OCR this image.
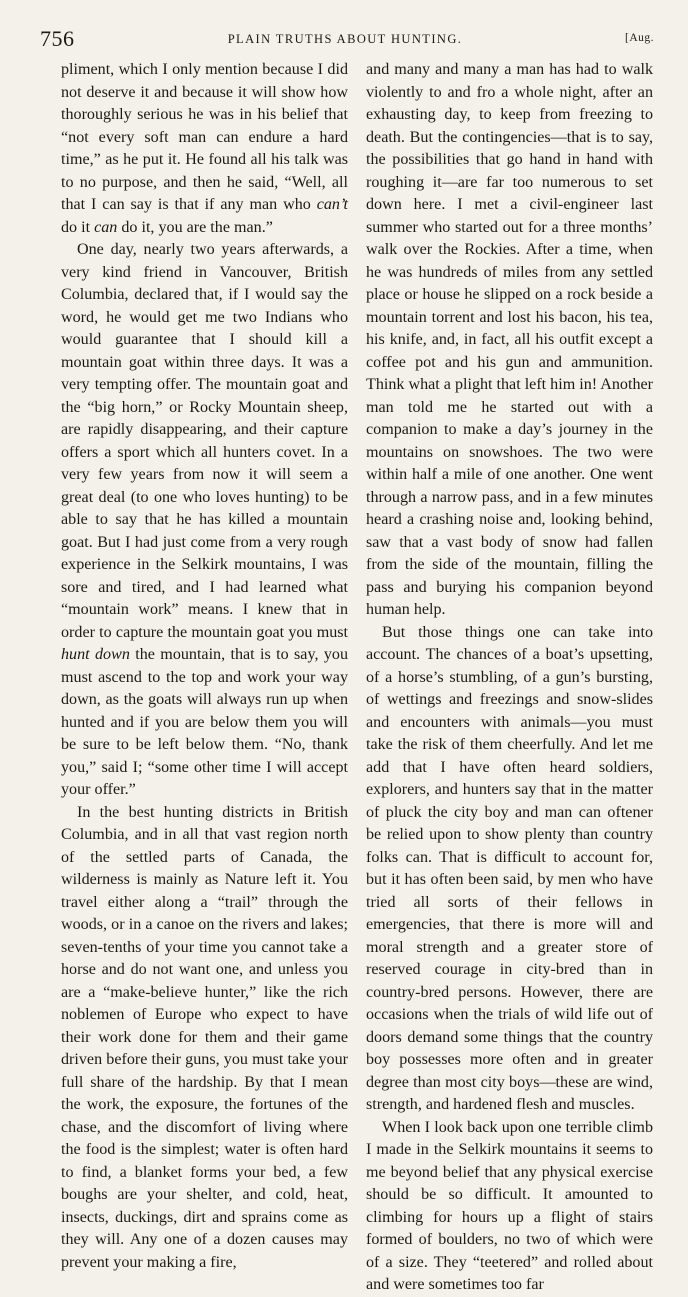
756	PLAIN TRUTHS ABOUT HUNTING.	[Aug.

pliment, which I only mention because I did not deserve it and because it will show how thoroughly serious he was in his belief that “not every soft man can endure a hard time,” as he put it. He found all his talk was to no purpose, and then he said, “Well, all that I can say is that if any man who can’t do it can do it, you are the man.”

One day, nearly two years afterwards, a very kind friend in Vancouver, British Columbia, declared that, if I would say the word, he would get me two Indians who would guarantee that I should kill a mountain goat within three days. It was a very tempting offer. The mountain goat and the “big horn,” or Rocky Mountain sheep, are rapidly disappearing, and their capture offers a sport which all hunters covet. In a very few years from now it will seem a great deal (to one who loves hunting) to be able to say that he has killed a mountain goat. But I had just come from a very rough experience in the Selkirk mountains, I was sore and tired, and I had learned what “mountain work” means. I knew that in order to capture the mountain goat you must hunt down the mountain, that is to say, you must ascend to the top and work your way down, as the goats will always run up when hunted and if you are below them you will be sure to be left below them. “No, thank you,” said I; “some other time I will accept your offer.”

In the best hunting districts in British Columbia, and in all that vast region north of the settled parts of Canada, the wilderness is mainly as Nature left it. You travel either along a “trail” through the woods, or in a canoe on the rivers and lakes; seven-tenths of your time you cannot take a horse and do not want one, and unless you are a “make-believe hunter,” like the rich noblemen of Europe who expect to have their work done for them and their game driven before their guns, you must take your full share of the hardship. By that I mean the work, the exposure, the fortunes of the chase, and the discomfort of living where the food is the simplest; water is often hard to find, a blanket forms your bed, a few boughs are your shelter, and cold, heat, insects, duckings, dirt and sprains come as they will. Any one of a dozen causes may prevent your making a fire,

and many and many a man has had to walk violently to and fro a whole night, after an exhausting day, to keep from freezing to death. But the contingencies—that is to say, the possibilities that go hand in hand with roughing it—are far too numerous to set down here. I met a civil-engineer last summer who started out for a three months’ walk over the Rockies. After a time, when he was hundreds of miles from any settled place or house he slipped on a rock beside a mountain torrent and lost his bacon, his tea, his knife, and, in fact, all his outfit except a coffee pot and his gun and ammunition. Think what a plight that left him in! Another man told me he started out with a companion to make a day’s journey in the mountains on snowshoes. The two were within half a mile of one another. One went through a narrow pass, and in a few minutes heard a crashing noise and, looking behind, saw that a vast body of snow had fallen from the side of the mountain, filling the pass and burying his companion beyond human help.

But those things one can take into account. The chances of a boat’s upsetting, of a horse’s stumbling, of a gun’s bursting, of wettings and freezings and snow-slides and encounters with animals—you must take the risk of them cheerfully. And let me add that I have often heard soldiers, explorers, and hunters say that in the matter of pluck the city boy and man can oftener be relied upon to show plenty than country folks can. That is difficult to account for, but it has often been said, by men who have tried all sorts of their fellows in emergencies, that there is more will and moral strength and a greater store of reserved courage in city-bred than in country-bred persons. However, there are occasions when the trials of wild life out of doors demand some things that the country boy possesses more often and in greater degree than most city boys—these are wind, strength, and hardened flesh and muscles.

When I look back upon one terrible climb I made in the Selkirk mountains it seems to me beyond belief that any physical exercise should be so difficult. It amounted to climbing for hours up a flight of stairs formed of boulders, no two of which were of a size. They “teetered” and rolled about and were sometimes too far
